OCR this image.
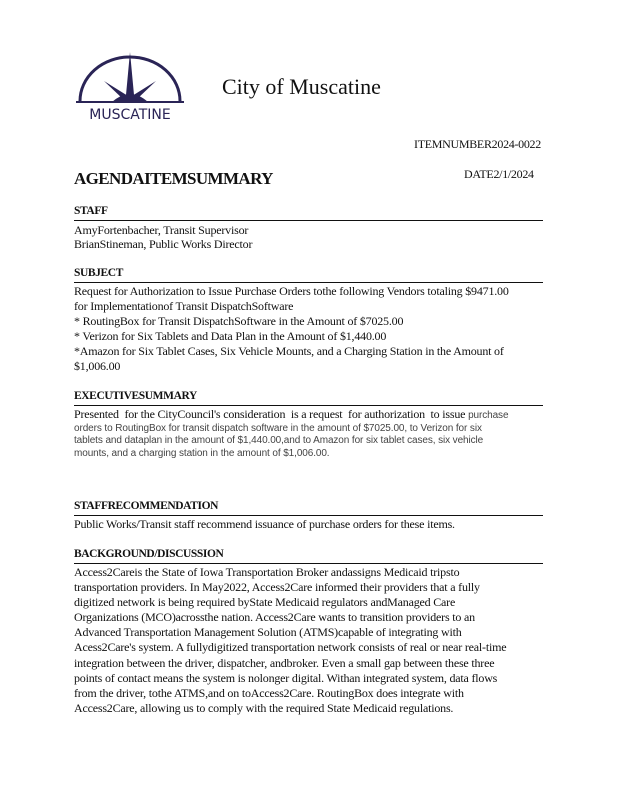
MUSCATINE
City of Muscatine
ITEMNUMBER2024-0022
DATE2/1/2024
AGENDAITEMSUMMARY
STAFF
AmyFortenbacher, Transit Supervisor
BrianStineman, Public Works Director
SUBJECT
Request for Authorization to Issue Purchase Orders tothe following Vendors totaling $9471.00
for Implementationof Transit DispatchSoftware
* RoutingBox for Transit DispatchSoftware in the Amount of $7025.00
* Verizon for Six Tablets and Data Plan in the Amount of $1,440.00
*Amazon for Six Tablet Cases, Six Vehicle Mounts, and a Charging Station in the Amount of
$1,006.00
EXECUTIVESUMMARY
Presented  for the CityCouncil's consideration  is a request  for authorization  to issue purchase
orders to RoutingBox for transit dispatch software in the amount of $7025.00, to Verizon for six
tablets and dataplan in the amount of $1,440.00,and to Amazon for six tablet cases, six vehicle
mounts, and a charging station in the amount of $1,006.00.
STAFFRECOMMENDATION
Public Works/Transit staff recommend issuance of purchase orders for these items.
BACKGROUND/DISCUSSION
Access2Careis the State of Iowa Transportation Broker andassigns Medicaid tripsto
transportation providers. In May2022, Access2Care informed their providers that a fully
digitized network is being required byState Medicaid regulators andManaged Care
Organizations (MCO)acrossthe nation. Access2Care wants to transition providers to an
Advanced Transportation Management Solution (ATMS)capable of integrating with
Acess2Care's system. A fullydigitized transportation network consists of real or near real-time
integration between the driver, dispatcher, andbroker. Even a small gap between these three
points of contact means the system is nolonger digital. Withan integrated system, data flows
from the driver, tothe ATMS,and on toAccess2Care. RoutingBox does integrate with
Access2Care, allowing us to comply with the required State Medicaid regulations.
